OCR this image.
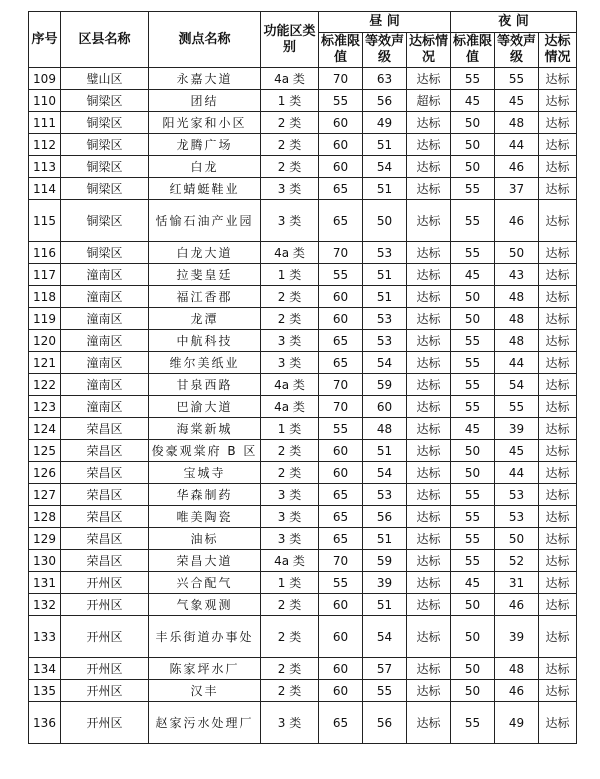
序号	区县名称	测点名称	功能区类别	昼 间			夜 间		
				标准限值	等效声级	达标情况	标准限值	等效声级	达标情况
109	璧山区	永嘉大道	4a 类	70	63	达标	55	55	达标
110	铜梁区	团结	1 类	55	56	超标	45	45	达标
111	铜梁区	阳光家和小区	2 类	60	49	达标	50	48	达标
112	铜梁区	龙腾广场	2 类	60	51	达标	50	44	达标
113	铜梁区	白龙	2 类	60	54	达标	50	46	达标
114	铜梁区	红蜻蜓鞋业	3 类	65	51	达标	55	37	达标
115	铜梁区	恬愉石油产业园	3 类	65	50	达标	55	46	达标
116	铜梁区	白龙大道	4a 类	70	53	达标	55	50	达标
117	潼南区	拉斐皇廷	1 类	55	51	达标	45	43	达标
118	潼南区	福江香郡	2 类	60	51	达标	50	48	达标
119	潼南区	龙潭	2 类	60	53	达标	50	48	达标
120	潼南区	中航科技	3 类	65	53	达标	55	48	达标
121	潼南区	维尔美纸业	3 类	65	54	达标	55	44	达标
122	潼南区	甘泉西路	4a 类	70	59	达标	55	54	达标
123	潼南区	巴渝大道	4a 类	70	60	达标	55	55	达标
124	荣昌区	海棠新城	1 类	55	48	达标	45	39	达标
125	荣昌区	俊豪观棠府 B 区	2 类	60	51	达标	50	45	达标
126	荣昌区	宝城寺	2 类	60	54	达标	50	44	达标
127	荣昌区	华森制药	3 类	65	53	达标	55	53	达标
128	荣昌区	唯美陶瓷	3 类	65	56	达标	55	53	达标
129	荣昌区	油标	3 类	65	51	达标	55	50	达标
130	荣昌区	荣昌大道	4a 类	70	59	达标	55	52	达标
131	开州区	兴合配气	1 类	55	39	达标	45	31	达标
132	开州区	气象观测	2 类	60	51	达标	50	46	达标
133	开州区	丰乐街道办事处	2 类	60	54	达标	50	39	达标
134	开州区	陈家坪水厂	2 类	60	57	达标	50	48	达标
135	开州区	汉丰	2 类	60	55	达标	50	46	达标
136	开州区	赵家污水处理厂	3 类	65	56	达标	55	49	达标
